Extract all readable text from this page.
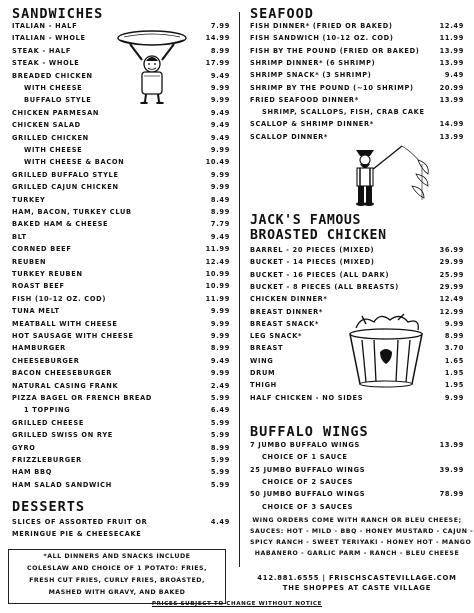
SANDWICHES
ITALIAN - HALF	7.99
ITALIAN - WHOLE	14.99
STEAK - HALF	8.99
STEAK - WHOLE	17.99
BREADED CHICKEN	9.49
WITH CHEESE	9.99
BUFFALO STYLE	9.99
CHICKEN PARMESAN	9.49
CHICKEN SALAD	9.49
GRILLED CHICKEN	9.49
WITH CHEESE	9.99
WITH CHEESE & BACON	10.49
GRILLED BUFFALO STYLE	9.99
GRILLED CAJUN CHICKEN	9.99
TURKEY	8.49
HAM, BACON, TURKEY CLUB	8.99
BAKED HAM & CHEESE	7.79
BLT	9.49
CORNED BEEF	11.99
REUBEN	12.49
TURKEY REUBEN	10.99
ROAST BEEF	10.99
FISH (10-12 OZ. COD)	11.99
TUNA MELT	9.99
MEATBALL WITH CHEESE	9.99
HOT SAUSAGE WITH CHEESE	9.99
HAMBURGER	8.99
CHEESEBURGER	9.49
BACON CHEESEBURGER	9.99
NATURAL CASING FRANK	2.49
PIZZA BAGEL OR FRENCH BREAD	5.99
1 TOPPING	6.49
GRILLED CHEESE	5.99
GRILLED SWISS ON RYE	5.99
GYRO	8.99
FRIZZLEBURGER	5.99
HAM BBQ	5.99
HAM SALAD SANDWICH	5.99
DESSERTS
SLICES OF ASSORTED FRUIT OR	4.49
MERINGUE PIE & CHEESECAKE
*ALL DINNERS AND SNACKS INCLUDE
COLESLAW AND CHOICE OF 1 POTATO: FRIES,
FRESH CUT FRIES, CURLY FRIES, BROASTED,
MASHED WITH GRAVY, AND BAKED
SEAFOOD
FISH DINNER* (FRIED OR BAKED)	12.49
FISH SANDWICH (10-12 OZ. COD)	11.99
FISH BY THE POUND (FRIED OR BAKED)	13.99
SHRIMP DINNER* (6 SHRIMP)	13.99
SHRIMP SNACK* (3 SHRIMP)	9.49
SHRIMP BY THE POUND (~10 SHRIMP)	20.99
FRIED SEAFOOD DINNER*	13.99
SHRIMP, SCALLOPS, FISH, CRAB CAKE
SCALLOP & SHRIMP DINNER*	14.99
SCALLOP DINNER*	13.99
JACK'S FAMOUS
BROASTED CHICKEN
BARREL - 20 PIECES (MIXED)	36.99
BUCKET - 14 PIECES (MIXED)	29.99
BUCKET - 16 PIECES (ALL DARK)	25.99
BUCKET - 8 PIECES (ALL BREASTS)	29.99
CHICKEN DINNER*	12.49
BREAST DINNER*	12.99
BREAST SNACK*	9.99
LEG SNACK*	8.99
BREAST	3.70
WING	1.65
DRUM	1.95
THIGH	1.95
HALF CHICKEN - NO SIDES	9.99
BUFFALO WINGS
7 JUMBO BUFFALO WINGS	13.99
CHOICE OF 1 SAUCE
25 JUMBO BUFFALO WINGS	39.99
CHOICE OF 2 SAUCES
50 JUMBO BUFFALO WINGS	78.99
CHOICE OF 3 SAUCES
WING ORDERS COME WITH RANCH OR BLEU CHEESE;
SAUCES: HOT - MILD - BBQ - HONEY MUSTARD - CAJUN -
SPICY RANCH - SWEET TERIYAKI - HONEY HOT - MANGO
HABANERO - GARLIC PARM - RANCH - BLEU CHEESE
412.881.6555 | FRISCHSCASTEVILLAGE.COM
THE SHOPPES AT CASTE VILLAGE
PRICES SUBJECT TO CHANGE WITHOUT NOTICE
